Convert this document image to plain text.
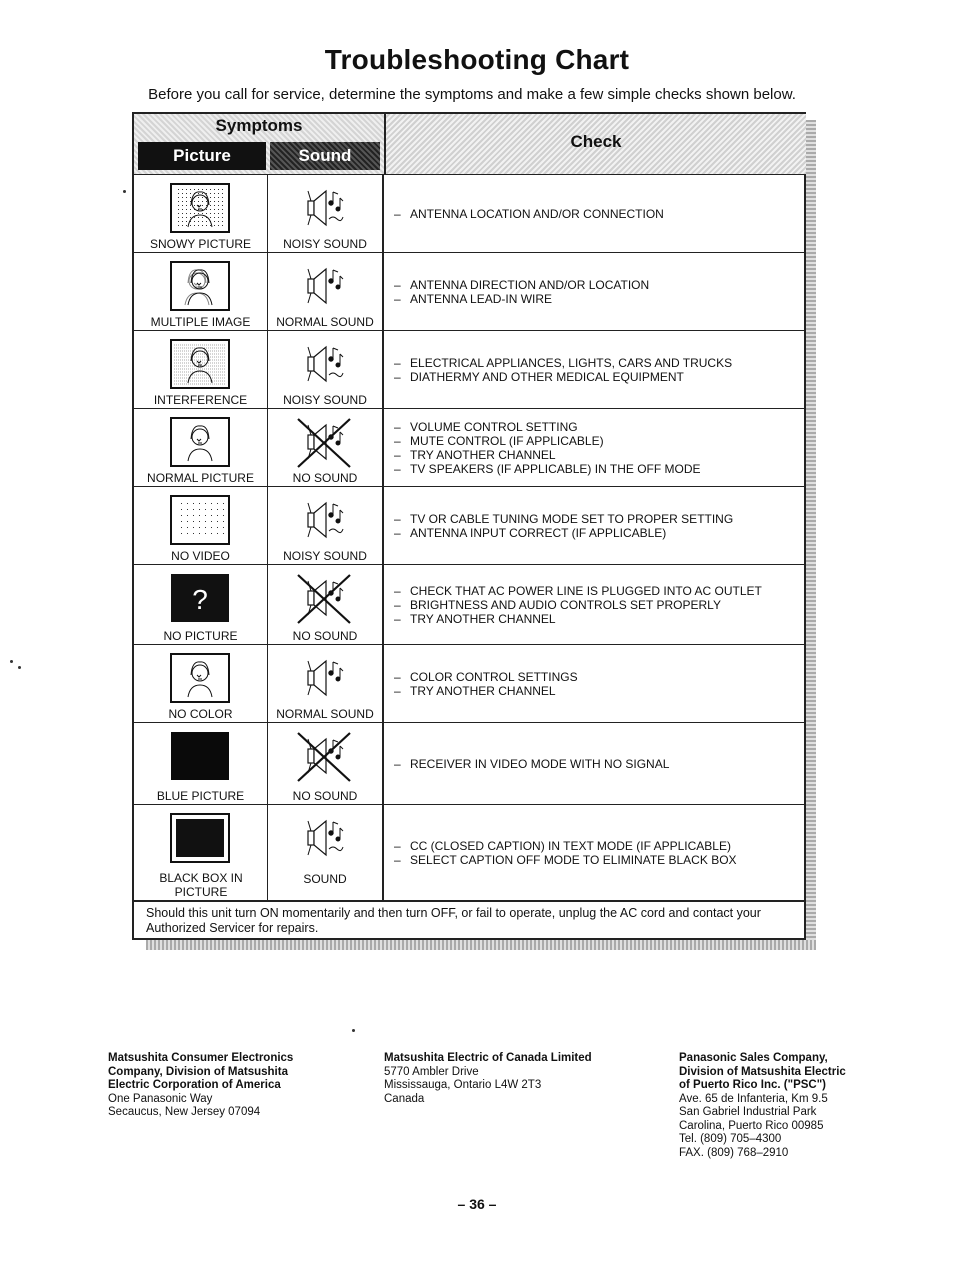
Troubleshooting Chart
Before you call for service, determine the symptoms and make a few simple checks shown below.
Symptoms
Picture	Sound
Check
SNOWY PICTURE	NOISY SOUND
– ANTENNA LOCATION AND/OR CONNECTION
MULTIPLE IMAGE	NORMAL SOUND
– ANTENNA DIRECTION AND/OR LOCATION
– ANTENNA LEAD-IN WIRE
INTERFERENCE	NOISY SOUND
– ELECTRICAL APPLIANCES, LIGHTS, CARS AND TRUCKS
– DIATHERMY AND OTHER MEDICAL EQUIPMENT
NORMAL PICTURE	NO SOUND
– VOLUME CONTROL SETTING
– MUTE CONTROL (IF APPLICABLE)
– TRY ANOTHER CHANNEL
– TV SPEAKERS (IF APPLICABLE) IN THE OFF MODE
NO VIDEO	NOISY SOUND
– TV OR CABLE TUNING MODE SET TO PROPER SETTING
– ANTENNA INPUT CORRECT (IF APPLICABLE)
?
NO PICTURE	NO SOUND
– CHECK THAT AC POWER LINE IS PLUGGED INTO AC OUTLET
– BRIGHTNESS AND AUDIO CONTROLS SET PROPERLY
– TRY ANOTHER CHANNEL
NO COLOR	NORMAL SOUND
– COLOR CONTROL SETTINGS
– TRY ANOTHER CHANNEL
BLUE PICTURE	NO SOUND
– RECEIVER IN VIDEO MODE WITH NO SIGNAL
BLACK BOX IN PICTURE
SOUND
– CC (CLOSED CAPTION) IN TEXT MODE (IF APPLICABLE)
– SELECT CAPTION OFF MODE TO ELIMINATE BLACK BOX
Should this unit turn ON momentarily and then turn OFF, or fail to operate, unplug the AC cord and contact your Authorized Servicer for repairs.
Matsushita Consumer Electronics
Company, Division of Matsushita
Electric Corporation of America
One Panasonic Way
Secaucus, New Jersey 07094
Matsushita Electric of Canada Limited
5770 Ambler Drive
Mississauga, Ontario L4W 2T3
Canada
Panasonic Sales Company,
Division of Matsushita Electric
of Puerto Rico Inc. ("PSC")
Ave. 65 de Infanteria, Km 9.5
San Gabriel Industrial Park
Carolina, Puerto Rico 00985
Tel. (809) 705–4300
FAX. (809) 768–2910
– 36 –
